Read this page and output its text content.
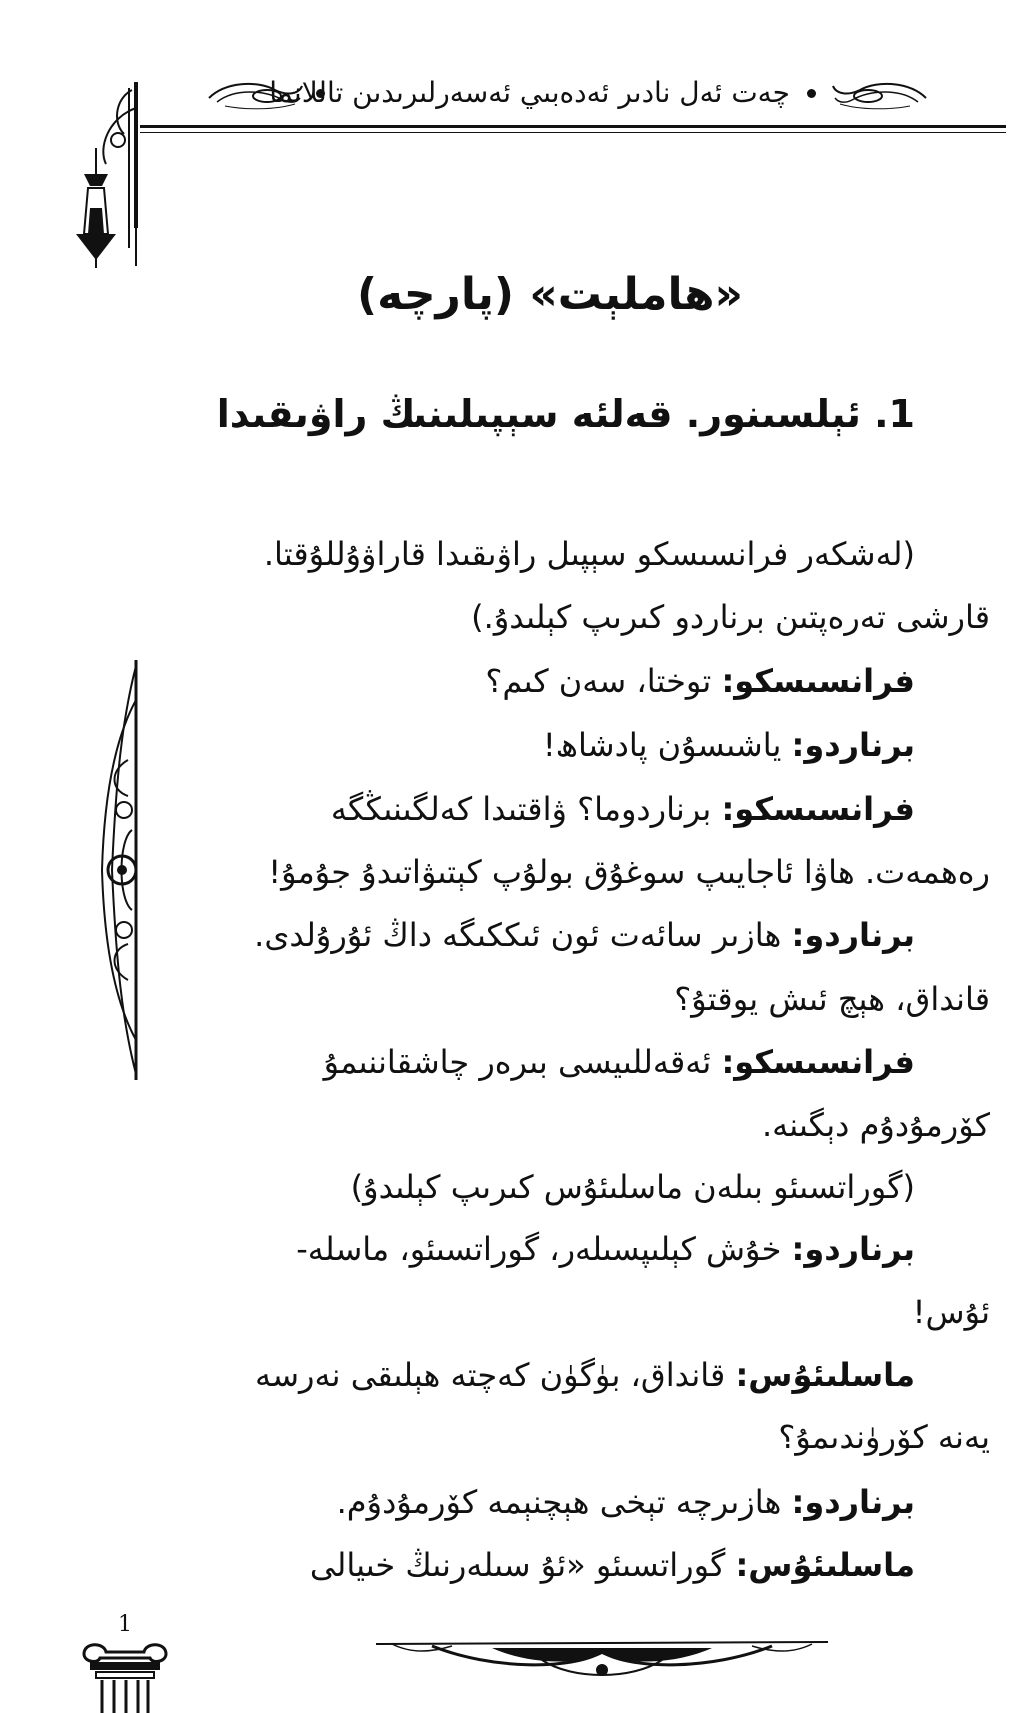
چەت ئەل نادىر ئەدەبىي ئەسەرلىرىدىن تاللانما
«ھاملېت» (پارچە)
1. ئېلسىنور. قەلئە سېپىلىنىڭ راۋىقىدا
(لەشكەر فرانسىسكو سېپىل راۋىقىدا قاراۋۇللۇقتا.
قارشى تەرەپتىن برناردو كىرىپ كېلىدۇ.)
فرانسىسكو: توختا، سەن كىم؟
برناردو: ياشىسۇن پادشاھ!
فرانسىسكو: برناردوما؟ ۋاقتىدا كەلگىنىڭگە
رەھمەت. ھاۋا ئاجايىپ سوغۇق بولۇپ كېتىۋاتىدۇ جۇمۇ!
برناردو: ھازىر سائەت ئون ئىككىگە داڭ ئۇرۇلدى.
قانداق، ھېچ ئىش يوقتۇ؟
فرانسىسكو: ئەقەللىيسى بىرەر چاشقاننىمۇ
كۆرمۇدۇم دېگىنە.
(گوراتسىئو بىلەن ماسلىئۇس كىرىپ كېلىدۇ)
برناردو: خۇش كېلىپسىلەر، گوراتسىئو، ماسلە-
ئۇس!
ماسلىئۇس: قانداق، بۈگۈن كەچتە ھېلىقى نەرسە
يەنە كۆرۈندىمۇ؟
برناردو: ھازىرچە تېخى ھېچنېمە كۆرمۇدۇم.
ماسلىئۇس: گوراتسىئو «ئۇ سىلەرنىڭ خىيالى
1
